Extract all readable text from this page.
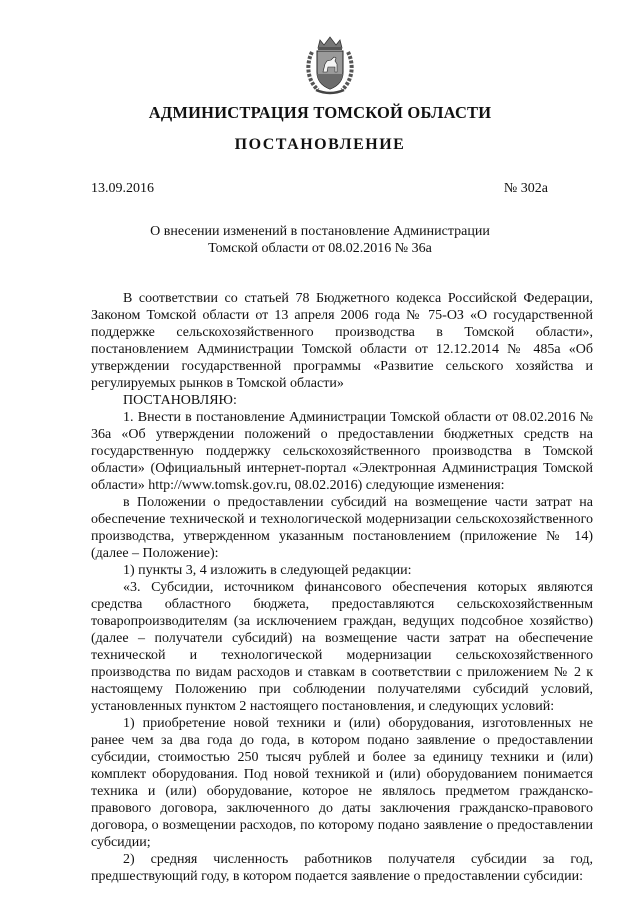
АДМИНИСТРАЦИЯ ТОМСКОЙ ОБЛАСТИ
ПОСТАНОВЛЕНИЕ
13.09.2016	№ 302а
О внесении изменений в постановление Администрации
Томской области от 08.02.2016 № 36а

В соответствии со статьей 78 Бюджетного кодекса Российской Федерации, Законом Томской области от 13 апреля 2006 года № 75-ОЗ «О государственной поддержке сельскохозяйственного производства в Томской области», постановлением Администрации Томской области от 12.12.2014 № 485а «Об утверждении государственной программы «Развитие сельского хозяйства и регулируемых рынков в Томской области»

ПОСТАНОВЛЯЮ:

1. Внести в постановление Администрации Томской области от 08.02.2016 № 36а «Об утверждении положений о предоставлении бюджетных средств на государственную поддержку сельскохозяйственного производства в Томской области» (Официальный интернет-портал «Электронная Администрация Томской области» http://www.tomsk.gov.ru, 08.02.2016) следующие изменения:

в Положении о предоставлении субсидий на возмещение части затрат на обеспечение технической и технологической модернизации сельскохозяйственного производства, утвержденном указанным постановлением (приложение № 14) (далее – Положение):

1) пункты 3, 4 изложить в следующей редакции:

«3. Субсидии, источником финансового обеспечения которых являются средства областного бюджета, предоставляются сельскохозяйственным товаропроизводителям (за исключением граждан, ведущих подсобное хозяйство) (далее – получатели субсидий) на возмещение части затрат на обеспечение технической и технологической модернизации сельскохозяйственного производства по видам расходов и ставкам в соответствии с приложением № 2 к настоящему Положению при соблюдении получателями субсидий условий, установленных пунктом 2 настоящего постановления, и следующих условий:

1) приобретение новой техники и (или) оборудования, изготовленных не ранее чем за два года до года, в котором подано заявление о предоставлении субсидии, стоимостью 250 тысяч рублей и более за единицу техники и (или) комплект оборудования. Под новой техникой и (или) оборудованием понимается техника и (или) оборудование, которое не являлось предметом гражданско-правового договора, заключенного до даты заключения гражданско-правового договора, о возмещении расходов, по которому подано заявление о предоставлении субсидии;

2) средняя численность работников получателя субсидии за год, предшествующий году, в котором подается заявление о предоставлении субсидии:
